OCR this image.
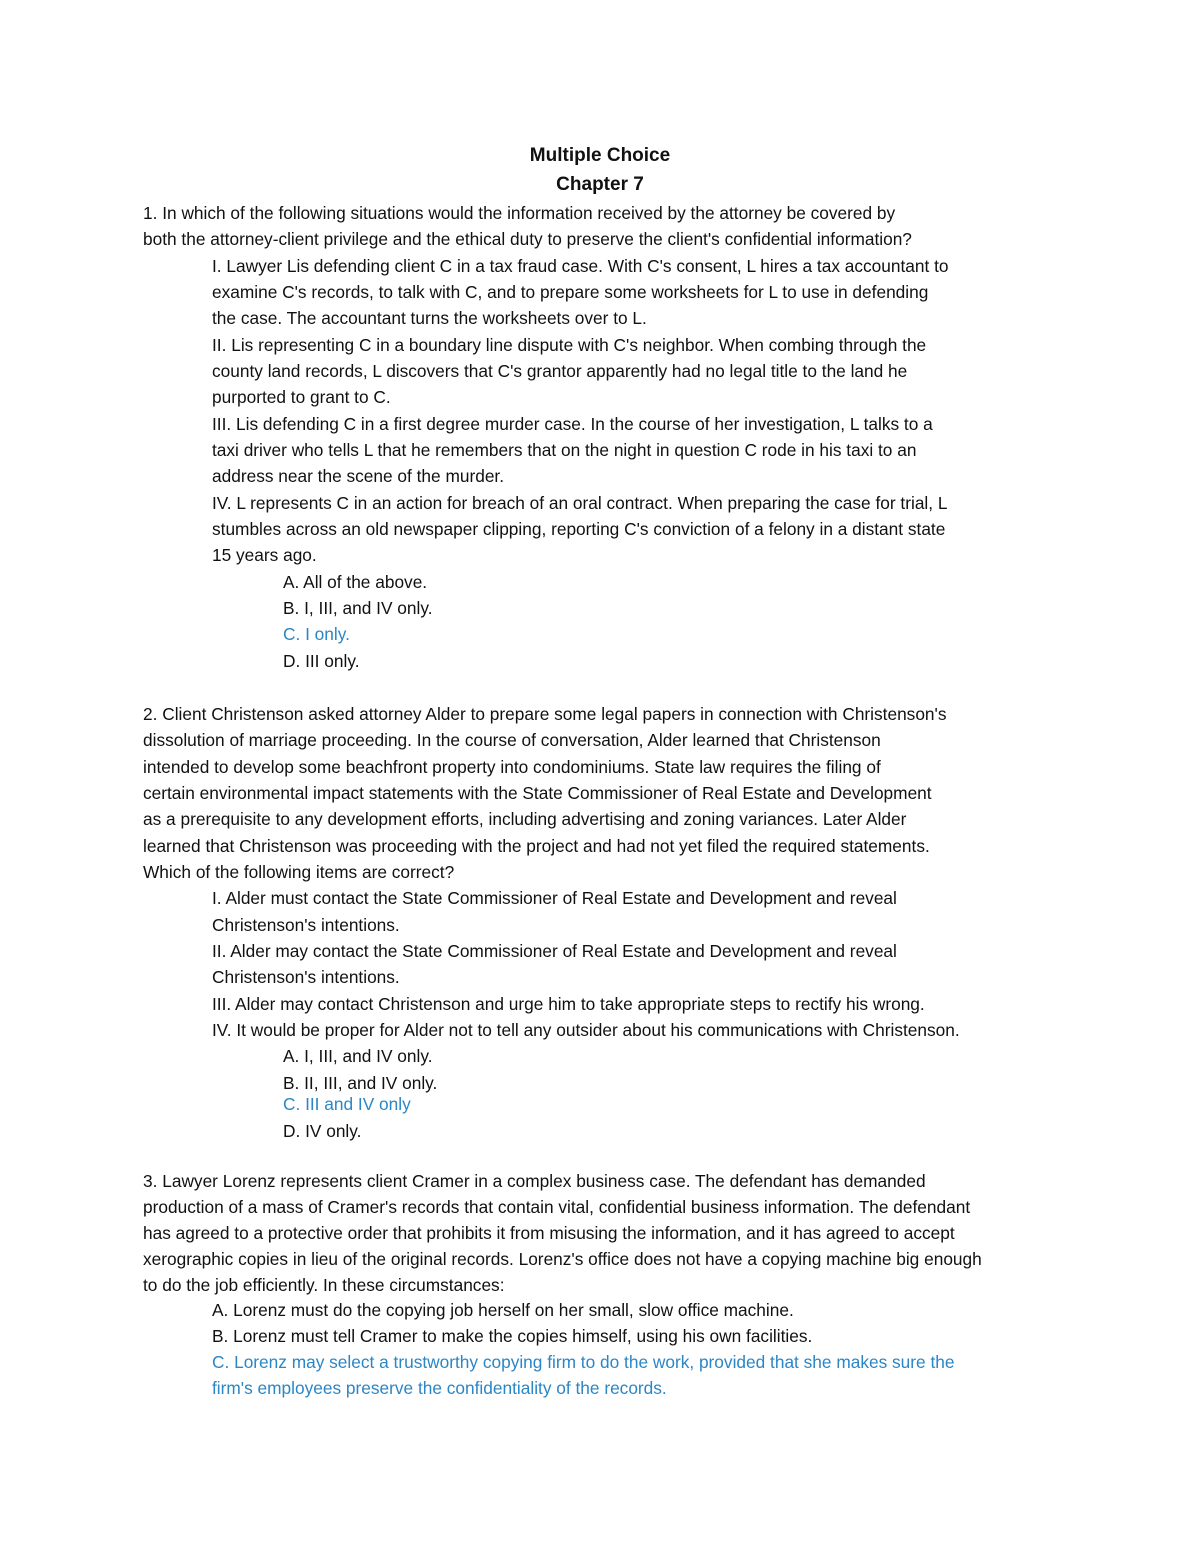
Multiple Choice
Chapter 7
1. In which of the following situations would the information received by the attorney be covered by
both the attorney-client privilege and the ethical duty to preserve the client's confidential information?
I. Lawyer Lis defending client C in a tax fraud case. With C's consent, L hires a tax accountant to
examine C's records, to talk with C, and to prepare some worksheets for L to use in defending
the case. The accountant turns the worksheets over to L.
II. Lis representing C in a boundary line dispute with C's neighbor. When combing through the
county land records, L discovers that C's grantor apparently had no legal title to the land he
purported to grant to C.
III. Lis defending C in a first degree murder case. In the course of her investigation, L talks to a
taxi driver who tells L that he remembers that on the night in question C rode in his taxi to an
address near the scene of the murder.
IV. L represents C in an action for breach of an oral contract. When preparing the case for trial, L
stumbles across an old newspaper clipping, reporting C's conviction of a felony in a distant state
15 years ago.
A. All of the above.
B. I, III, and IV only.
C. I only.
D. III only.
2. Client Christenson asked attorney Alder to prepare some legal papers in connection with Christenson's
dissolution of marriage proceeding. In the course of conversation, Alder learned that Christenson
intended to develop some beachfront property into condominiums. State law requires the filing of
certain environmental impact statements with the State Commissioner of Real Estate and Development
as a prerequisite to any development efforts, including advertising and zoning variances. Later Alder
learned that Christenson was proceeding with the project and had not yet filed the required statements.
Which of the following items are correct?
I. Alder must contact the State Commissioner of Real Estate and Development and reveal
Christenson's intentions.
II. Alder may contact the State Commissioner of Real Estate and Development and reveal
Christenson's intentions.
III. Alder may contact Christenson and urge him to take appropriate steps to rectify his wrong.
IV. It would be proper for Alder not to tell any outsider about his communications with Christenson.
A. I, III, and IV only.
B. II, III, and IV only.
C. III and IV only
D. IV only.
3. Lawyer Lorenz represents client Cramer in a complex business case. The defendant has demanded
production of a mass of Cramer's records that contain vital, confidential business information. The defendant
has agreed to a protective order that prohibits it from misusing the information, and it has agreed to accept
xerographic copies in lieu of the original records. Lorenz's office does not have a copying machine big enough
to do the job efficiently. In these circumstances:
A. Lorenz must do the copying job herself on her small, slow office machine.
B. Lorenz must tell Cramer to make the copies himself, using his own facilities.
C. Lorenz may select a trustworthy copying firm to do the work, provided that she makes sure the
firm's employees preserve the confidentiality of the records.
